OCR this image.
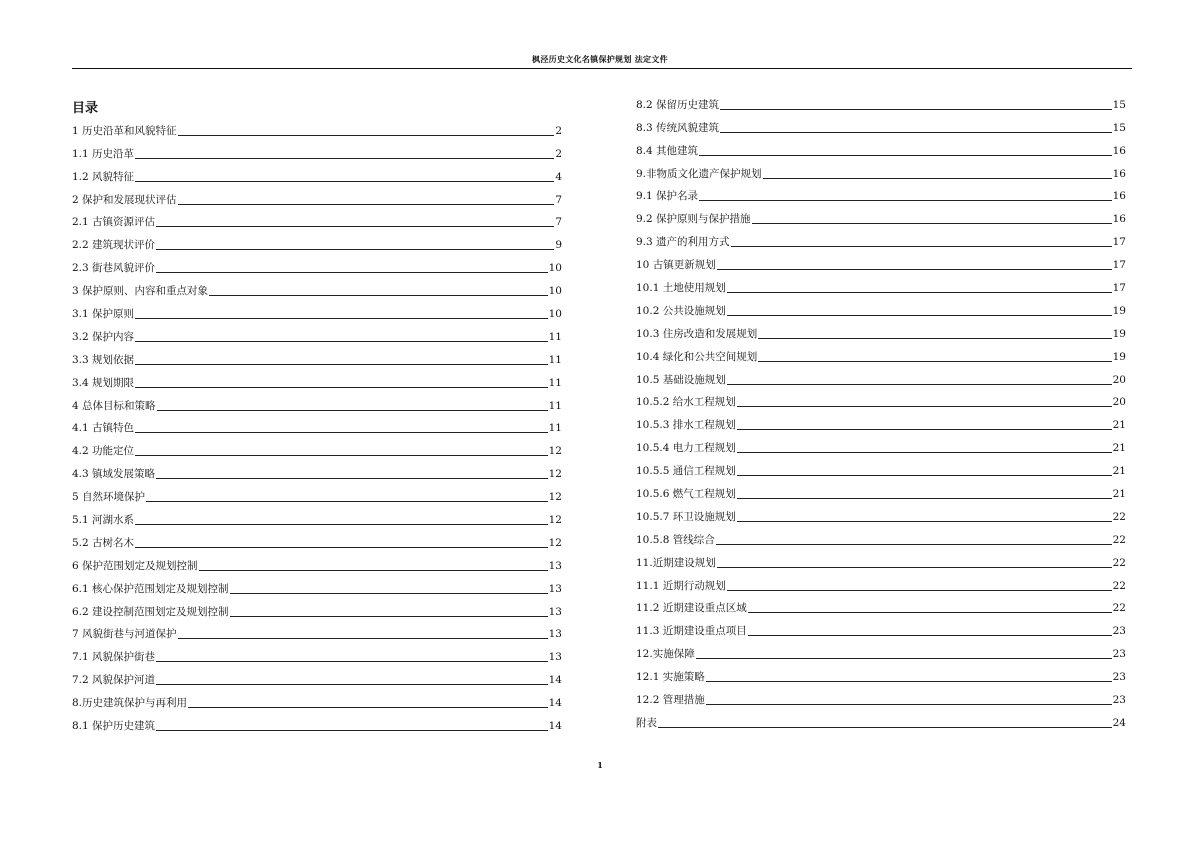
枫泾历史文化名镇保护规划 法定文件
目录
1 历史沿革和风貌特征	2
1.1 历史沿革	2
1.2 风貌特征	4
2 保护和发展现状评估	7
2.1 古镇资源评估	7
2.2 建筑现状评价	9
2.3 街巷风貌评价	10
3 保护原则、内容和重点对象	10
3.1 保护原则	10
3.2 保护内容	11
3.3 规划依据	11
3.4 规划期限	11
4 总体目标和策略	11
4.1 古镇特色	11
4.2 功能定位	12
4.3 镇域发展策略	12
5 自然环境保护	12
5.1 河湖水系	12
5.2 古树名木	12
6 保护范围划定及规划控制	13
6.1 核心保护范围划定及规划控制	13
6.2 建设控制范围划定及规划控制	13
7 风貌街巷与河道保护	13
7.1 风貌保护街巷	13
7.2 风貌保护河道	14
8.历史建筑保护与再利用	14
8.1 保护历史建筑	14
8.2 保留历史建筑	15
8.3 传统风貌建筑	15
8.4 其他建筑	16
9.非物质文化遗产保护规划	16
9.1 保护名录	16
9.2 保护原则与保护措施	16
9.3 遗产的利用方式	17
10 古镇更新规划	17
10.1 土地使用规划	17
10.2 公共设施规划	19
10.3 住房改造和发展规划	19
10.4 绿化和公共空间规划	19
10.5 基础设施规划	20
10.5.2 给水工程规划	20
10.5.3 排水工程规划	21
10.5.4 电力工程规划	21
10.5.5 通信工程规划	21
10.5.6 燃气工程规划	21
10.5.7 环卫设施规划	22
10.5.8 管线综合	22
11.近期建设规划	22
11.1 近期行动规划	22
11.2 近期建设重点区域	22
11.3 近期建设重点项目	23
12.实施保障	23
12.1 实施策略	23
12.2 管理措施	23
附表	24
1
